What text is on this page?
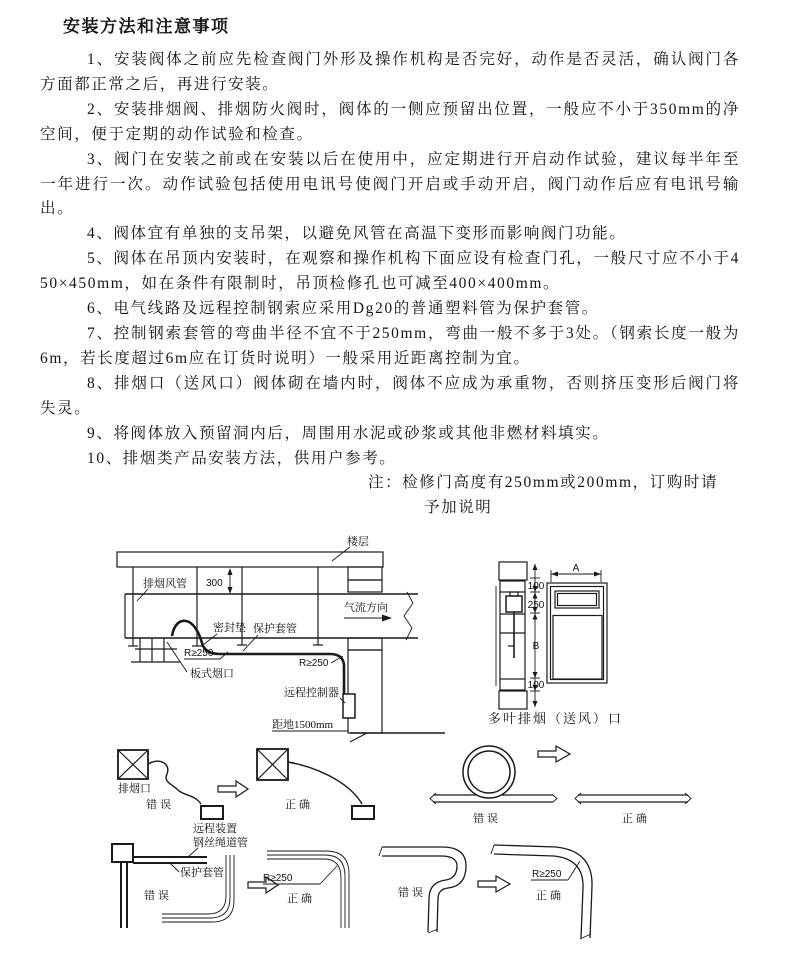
安装方法和注意事项

1、安装阀体之前应先检查阀门外形及操作机构是否完好，动作是否灵活，确认阀门各方面都正常之后，再进行安装。

2、安装排烟阀、排烟防火阀时，阀体的一侧应预留出位置，一般应不小于350mm的净空间，便于定期的动作试验和检查。

3、阀门在安装之前或在安装以后在使用中，应定期进行开启动作试验，建议每半年至一年进行一次。动作试验包括使用电讯号使阀门开启或手动开启，阀门动作后应有电讯号输出。

4、阀体宜有单独的支吊架，以避免风管在高温下变形而影响阀门功能。

5、阀体在吊顶内安装时，在观察和操作机构下面应设有检查门孔，一般尺寸应不小于450×450mm，如在条件有限制时，吊顶检修孔也可减至400×400mm。

6、电气线路及远程控制钢索应采用Dg20的普通塑料管为保护套管。

7、控制钢索套管的弯曲半径不宜不于250mm，弯曲一般不多于3处。（钢索长度一般为6m，若长度超过6m应在订货时说明）一般采用近距离控制为宜。

8、排烟口（送风口）阀体砌在墙内时，阀体不应成为承重物，否则挤压变形后阀门将失灵。

9、将阀体放入预留洞内后，周围用水泥或砂浆或其他非燃材料填实。

10、排烟类产品安装方法，供用户参考。

注：检修门高度有250mm或200mm，订购时请
予加说明
楼层
排烟风管 300
气流方向
板式烟口
密封垫 保护套管
R≥250
R≥250
远程控制器
距地1500mm
100
250
B
100
A
多叶排烟（送风）口
排烟口
错误
远程装置
钢丝绳道管
正确
错误	正确
保护套管
错误
R≥250
正确	错误
R≥250
正确
